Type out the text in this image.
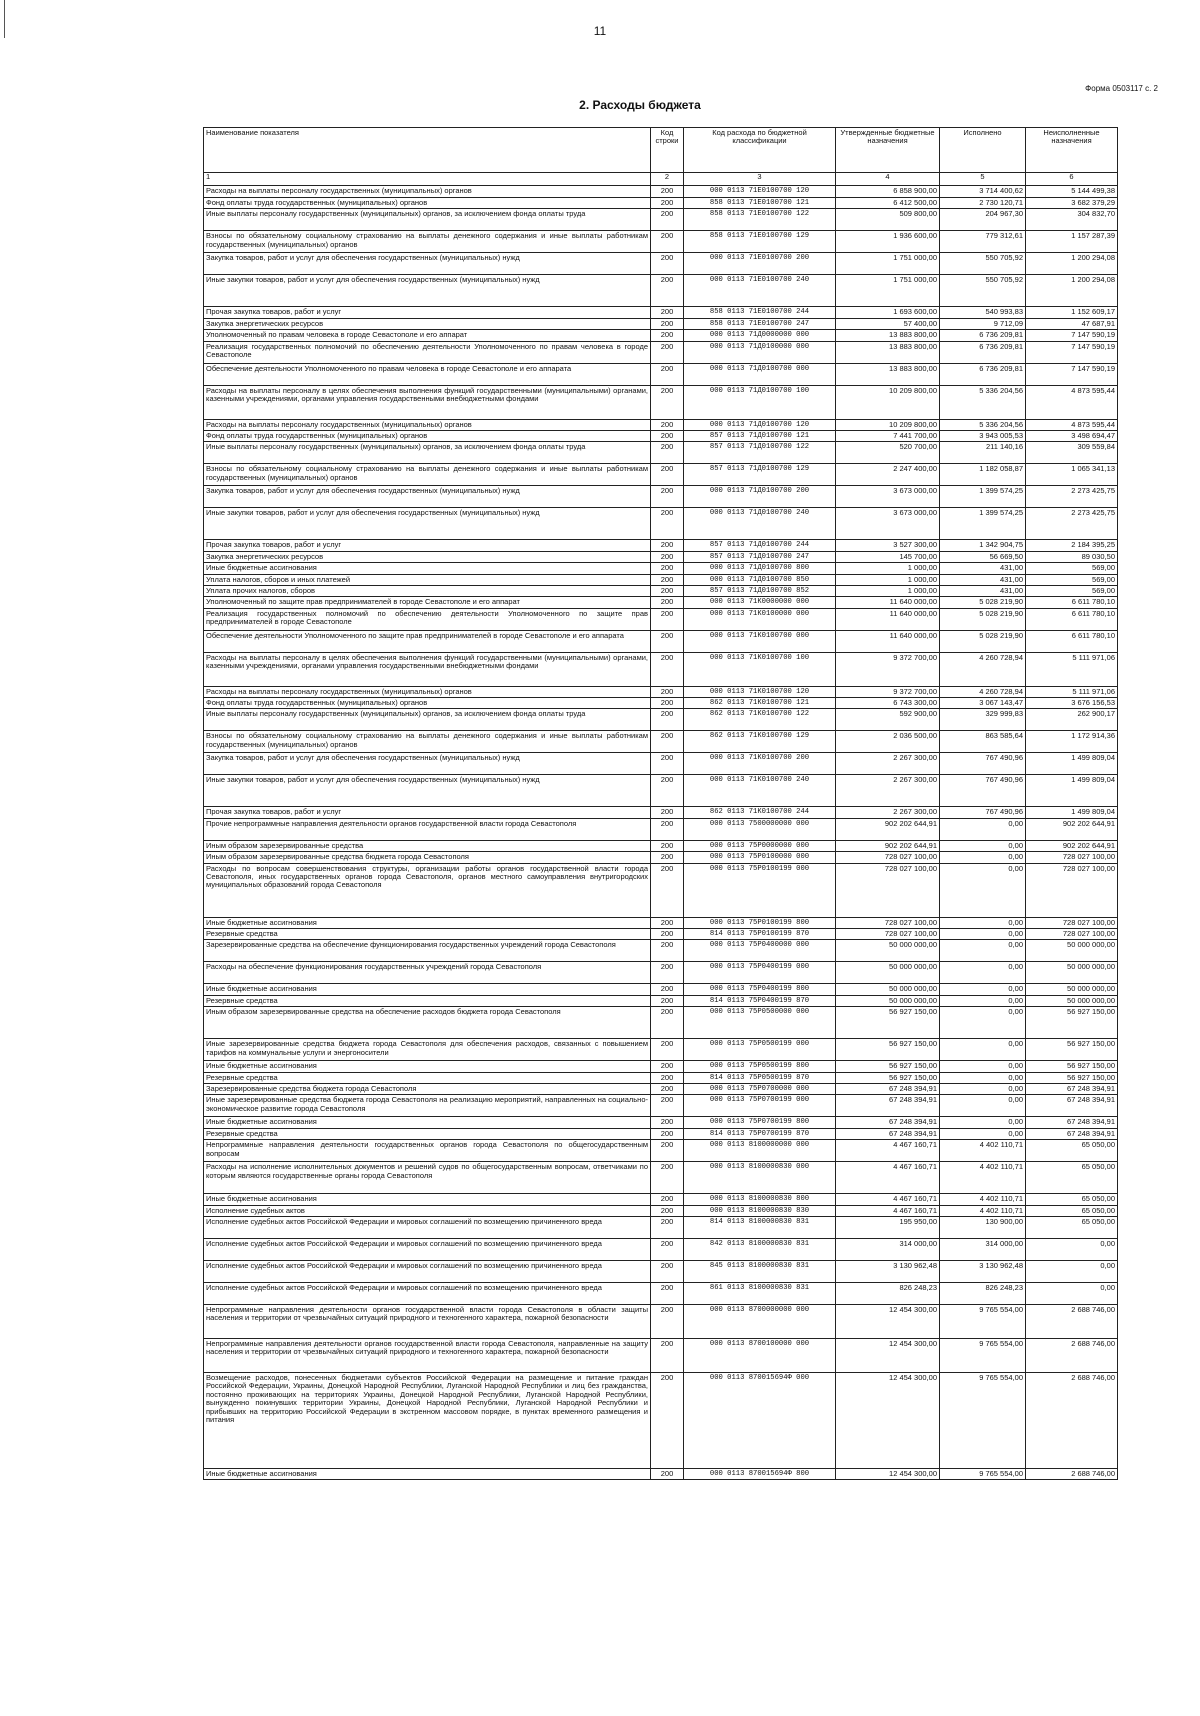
11
Форма 0503117 с. 2
2. Расходы бюджета
Наименование показателя	Код строки	Код расхода по бюджетной классификации	Утвержденные бюджетные назначения	Исполнено	Неисполненные назначения
1	2	3	4	5	6
Расходы на выплаты персоналу государственных (муниципальных) органов	200	000 0113 71Е0100700 120	6 858 900,00	3 714 400,62	5 144 499,38
Фонд оплаты труда государственных (муниципальных) органов	200	858 0113 71Е0100700 121	6 412 500,00	2 730 120,71	3 682 379,29
Иные выплаты персоналу государственных (муниципальных) органов, за исключением фонда оплаты труда	200	858 0113 71Е0100700 122	509 800,00	204 967,30	304 832,70
Взносы по обязательному социальному страхованию на выплаты денежного содержания и иные выплаты работникам государственных (муниципальных) органов	200	858 0113 71Е0100700 129	1 936 600,00	779 312,61	1 157 287,39
Закупка товаров, работ и услуг для обеспечения государственных (муниципальных) нужд	200	000 0113 71Е0100700 200	1 751 000,00	550 705,92	1 200 294,08
Иные закупки товаров, работ и услуг для обеспечения государственных (муниципальных) нужд	200	000 0113 71Е0100700 240	1 751 000,00	550 705,92	1 200 294,08
Прочая закупка товаров, работ и услуг	200	858 0113 71Е0100700 244	1 693 600,00	540 993,83	1 152 609,17
Закупка энергетических ресурсов	200	858 0113 71Е0100700 247	57 400,00	9 712,09	47 687,91
Уполномоченный по правам человека в городе Севастополе и его аппарат	200	000 0113 71Д0000000 000	13 883 800,00	6 736 209,81	7 147 590,19
Реализация государственных полномочий по обеспечению деятельности Уполномоченного по правам человека в городе Севастополе	200	000 0113 71Д0100000 000	13 883 800,00	6 736 209,81	7 147 590,19
Обеспечение деятельности Уполномоченного по правам человека в городе Севастополе и его аппарата	200	000 0113 71Д0100700 000	13 883 800,00	6 736 209,81	7 147 590,19
Расходы на выплаты персоналу в целях обеспечения выполнения функций государственными (муниципальными) органами, казенными учреждениями, органами управления государственными внебюджетными фондами	200	000 0113 71Д0100700 100	10 209 800,00	5 336 204,56	4 873 595,44
Расходы на выплаты персоналу государственных (муниципальных) органов	200	000 0113 71Д0100700 120	10 209 800,00	5 336 204,56	4 873 595,44
Фонд оплаты труда государственных (муниципальных) органов	200	857 0113 71Д0100700 121	7 441 700,00	3 943 005,53	3 498 694,47
Иные выплаты персоналу государственных (муниципальных) органов, за исключением фонда оплаты труда	200	857 0113 71Д0100700 122	520 700,00	211 140,16	309 559,84
Взносы по обязательному социальному страхованию на выплаты денежного содержания и иные выплаты работникам государственных (муниципальных) органов	200	857 0113 71Д0100700 129	2 247 400,00	1 182 058,87	1 065 341,13
Закупка товаров, работ и услуг для обеспечения государственных (муниципальных) нужд	200	000 0113 71Д0100700 200	3 673 000,00	1 399 574,25	2 273 425,75
Иные закупки товаров, работ и услуг для обеспечения государственных (муниципальных) нужд	200	000 0113 71Д0100700 240	3 673 000,00	1 399 574,25	2 273 425,75
Прочая закупка товаров, работ и услуг	200	857 0113 71Д0100700 244	3 527 300,00	1 342 904,75	2 184 395,25
Закупка энергетических ресурсов	200	857 0113 71Д0100700 247	145 700,00	56 669,50	89 030,50
Иные бюджетные ассигнования	200	000 0113 71Д0100700 800	1 000,00	431,00	569,00
Уплата налогов, сборов и иных платежей	200	000 0113 71Д0100700 850	1 000,00	431,00	569,00
Уплата прочих налогов, сборов	200	857 0113 71Д0100700 852	1 000,00	431,00	569,00
Уполномоченный по защите прав предпринимателей в городе Севастополе и его аппарат	200	000 0113 71К0000000 000	11 640 000,00	5 028 219,90	6 611 780,10
Реализация государственных полномочий по обеспечению деятельности Уполномоченного по защите прав предпринимателей в городе Севастополе	200	000 0113 71К0100000 000	11 640 000,00	5 028 219,90	6 611 780,10
Обеспечение деятельности Уполномоченного по защите прав предпринимателей в городе Севастополе и его аппарата	200	000 0113 71К0100700 000	11 640 000,00	5 028 219,90	6 611 780,10
Расходы на выплаты персоналу в целях обеспечения выполнения функций государственными (муниципальными) органами, казенными учреждениями, органами управления государственными внебюджетными фондами	200	000 0113 71К0100700 100	9 372 700,00	4 260 728,94	5 111 971,06
Расходы на выплаты персоналу государственных (муниципальных) органов	200	000 0113 71К0100700 120	9 372 700,00	4 260 728,94	5 111 971,06
Фонд оплаты труда государственных (муниципальных) органов	200	862 0113 71К0100700 121	6 743 300,00	3 067 143,47	3 676 156,53
Иные выплаты персоналу государственных (муниципальных) органов, за исключением фонда оплаты труда	200	862 0113 71К0100700 122	592 900,00	329 999,83	262 900,17
Взносы по обязательному социальному страхованию на выплаты денежного содержания и иные выплаты работникам государственных (муниципальных) органов	200	862 0113 71К0100700 129	2 036 500,00	863 585,64	1 172 914,36
Закупка товаров, работ и услуг для обеспечения государственных (муниципальных) нужд	200	000 0113 71К0100700 200	2 267 300,00	767 490,96	1 499 809,04
Иные закупки товаров, работ и услуг для обеспечения государственных (муниципальных) нужд	200	000 0113 71К0100700 240	2 267 300,00	767 490,96	1 499 809,04
Прочая закупка товаров, работ и услуг	200	862 0113 71К0100700 244	2 267 300,00	767 490,96	1 499 809,04
Прочие непрограммные направления деятельности органов государственной власти города Севастополя	200	000 0113 7500000000 000	902 202 644,91	0,00	902 202 644,91
Иным образом зарезервированные средства	200	000 0113 75Р0000000 000	902 202 644,91	0,00	902 202 644,91
Иным образом зарезервированные средства бюджета города Севастополя	200	000 0113 75Р0100000 000	728 027 100,00	0,00	728 027 100,00
Расходы по вопросам совершенствования структуры, организации работы органов государственной власти города Севастополя, иных государственных органов города Севастополя, органов местного самоуправления внутригородских муниципальных образований города Севастополя	200	000 0113 75Р0100199 000	728 027 100,00	0,00	728 027 100,00
Иные бюджетные ассигнования	200	000 0113 75Р0100199 800	728 027 100,00	0,00	728 027 100,00
Резервные средства	200	814 0113 75Р0100199 870	728 027 100,00	0,00	728 027 100,00
Зарезервированные средства на обеспечение функционирования государственных учреждений города Севастополя	200	000 0113 75Р0400000 000	50 000 000,00	0,00	50 000 000,00
Расходы на обеспечение функционирования государственных учреждений города Севастополя	200	000 0113 75Р0400199 000	50 000 000,00	0,00	50 000 000,00
Иные бюджетные ассигнования	200	000 0113 75Р0400199 800	50 000 000,00	0,00	50 000 000,00
Резервные средства	200	814 0113 75Р0400199 870	50 000 000,00	0,00	50 000 000,00
Иным образом зарезервированные средства на обеспечение расходов бюджета города Севастополя	200	000 0113 75Р0500000 000	56 927 150,00	0,00	56 927 150,00
Иные зарезервированные средства бюджета города Севастополя для обеспечения расходов, связанных с повышением тарифов на коммунальные услуги и энергоносители	200	000 0113 75Р0500199 000	56 927 150,00	0,00	56 927 150,00
Иные бюджетные ассигнования	200	000 0113 75Р0500199 800	56 927 150,00	0,00	56 927 150,00
Резервные средства	200	814 0113 75Р0500199 870	56 927 150,00	0,00	56 927 150,00
Зарезервированные средства бюджета города Севастополя	200	000 0113 75Р0700000 000	67 248 394,91	0,00	67 248 394,91
Иные зарезервированные средства бюджета города Севастополя на реализацию мероприятий, направленных на социально-экономическое развитие города Севастополя	200	000 0113 75Р0700199 000	67 248 394,91	0,00	67 248 394,91
Иные бюджетные ассигнования	200	000 0113 75Р0700199 800	67 248 394,91	0,00	67 248 394,91
Резервные средства	200	814 0113 75Р0700199 870	67 248 394,91	0,00	67 248 394,91
Непрограммные направления деятельности государственных органов города Севастополя по общегосударственным вопросам	200	000 0113 8100000000 000	4 467 160,71	4 402 110,71	65 050,00
Расходы на исполнение исполнительных документов и решений судов по общегосударственным вопросам, ответчиками по которым являются государственные органы города Севастополя	200	000 0113 8100000830 000	4 467 160,71	4 402 110,71	65 050,00
Иные бюджетные ассигнования	200	000 0113 8100000830 800	4 467 160,71	4 402 110,71	65 050,00
Исполнение судебных актов	200	000 0113 8100000830 830	4 467 160,71	4 402 110,71	65 050,00
Исполнение судебных актов Российской Федерации и мировых соглашений по возмещению причиненного вреда	200	814 0113 8100000830 831	195 950,00	130 900,00	65 050,00
Исполнение судебных актов Российской Федерации и мировых соглашений по возмещению причиненного вреда	200	842 0113 8100000830 831	314 000,00	314 000,00	0,00
Исполнение судебных актов Российской Федерации и мировых соглашений по возмещению причиненного вреда	200	845 0113 8100000830 831	3 130 962,48	3 130 962,48	0,00
Исполнение судебных актов Российской Федерации и мировых соглашений по возмещению причиненного вреда	200	861 0113 8100000830 831	826 248,23	826 248,23	0,00
Непрограммные направления деятельности органов государственной власти города Севастополя в области защиты населения и территории от чрезвычайных ситуаций природного и техногенного характера, пожарной безопасности	200	000 0113 8700000000 000	12 454 300,00	9 765 554,00	2 688 746,00
Непрограммные направления деятельности органов государственной власти города Севастополя, направленные на защиту населения и территории от чрезвычайных ситуаций природного и техногенного характера, пожарной безопасности	200	000 0113 8700100000 000	12 454 300,00	9 765 554,00	2 688 746,00
Возмещение расходов, понесенных бюджетами субъектов Российской Федерации на размещение и питание граждан Российской Федерации, Украины, Донецкой Народной Республики, Луганской Народной Республики и лиц без гражданства, постоянно проживающих на территориях Украины, Донецкой Народной Республики, Луганской Народной Республики, вынужденно покинувших территории Украины, Донецкой Народной Республики, Луганской Народной Республики и прибывших на территорию Российской Федерации в экстренном массовом порядке, в пунктах временного размещения и питания	200	000 0113 870015694Ф 000	12 454 300,00	9 765 554,00	2 688 746,00
Иные бюджетные ассигнования	200	000 0113 870015694Ф 800	12 454 300,00	9 765 554,00	2 688 746,00
